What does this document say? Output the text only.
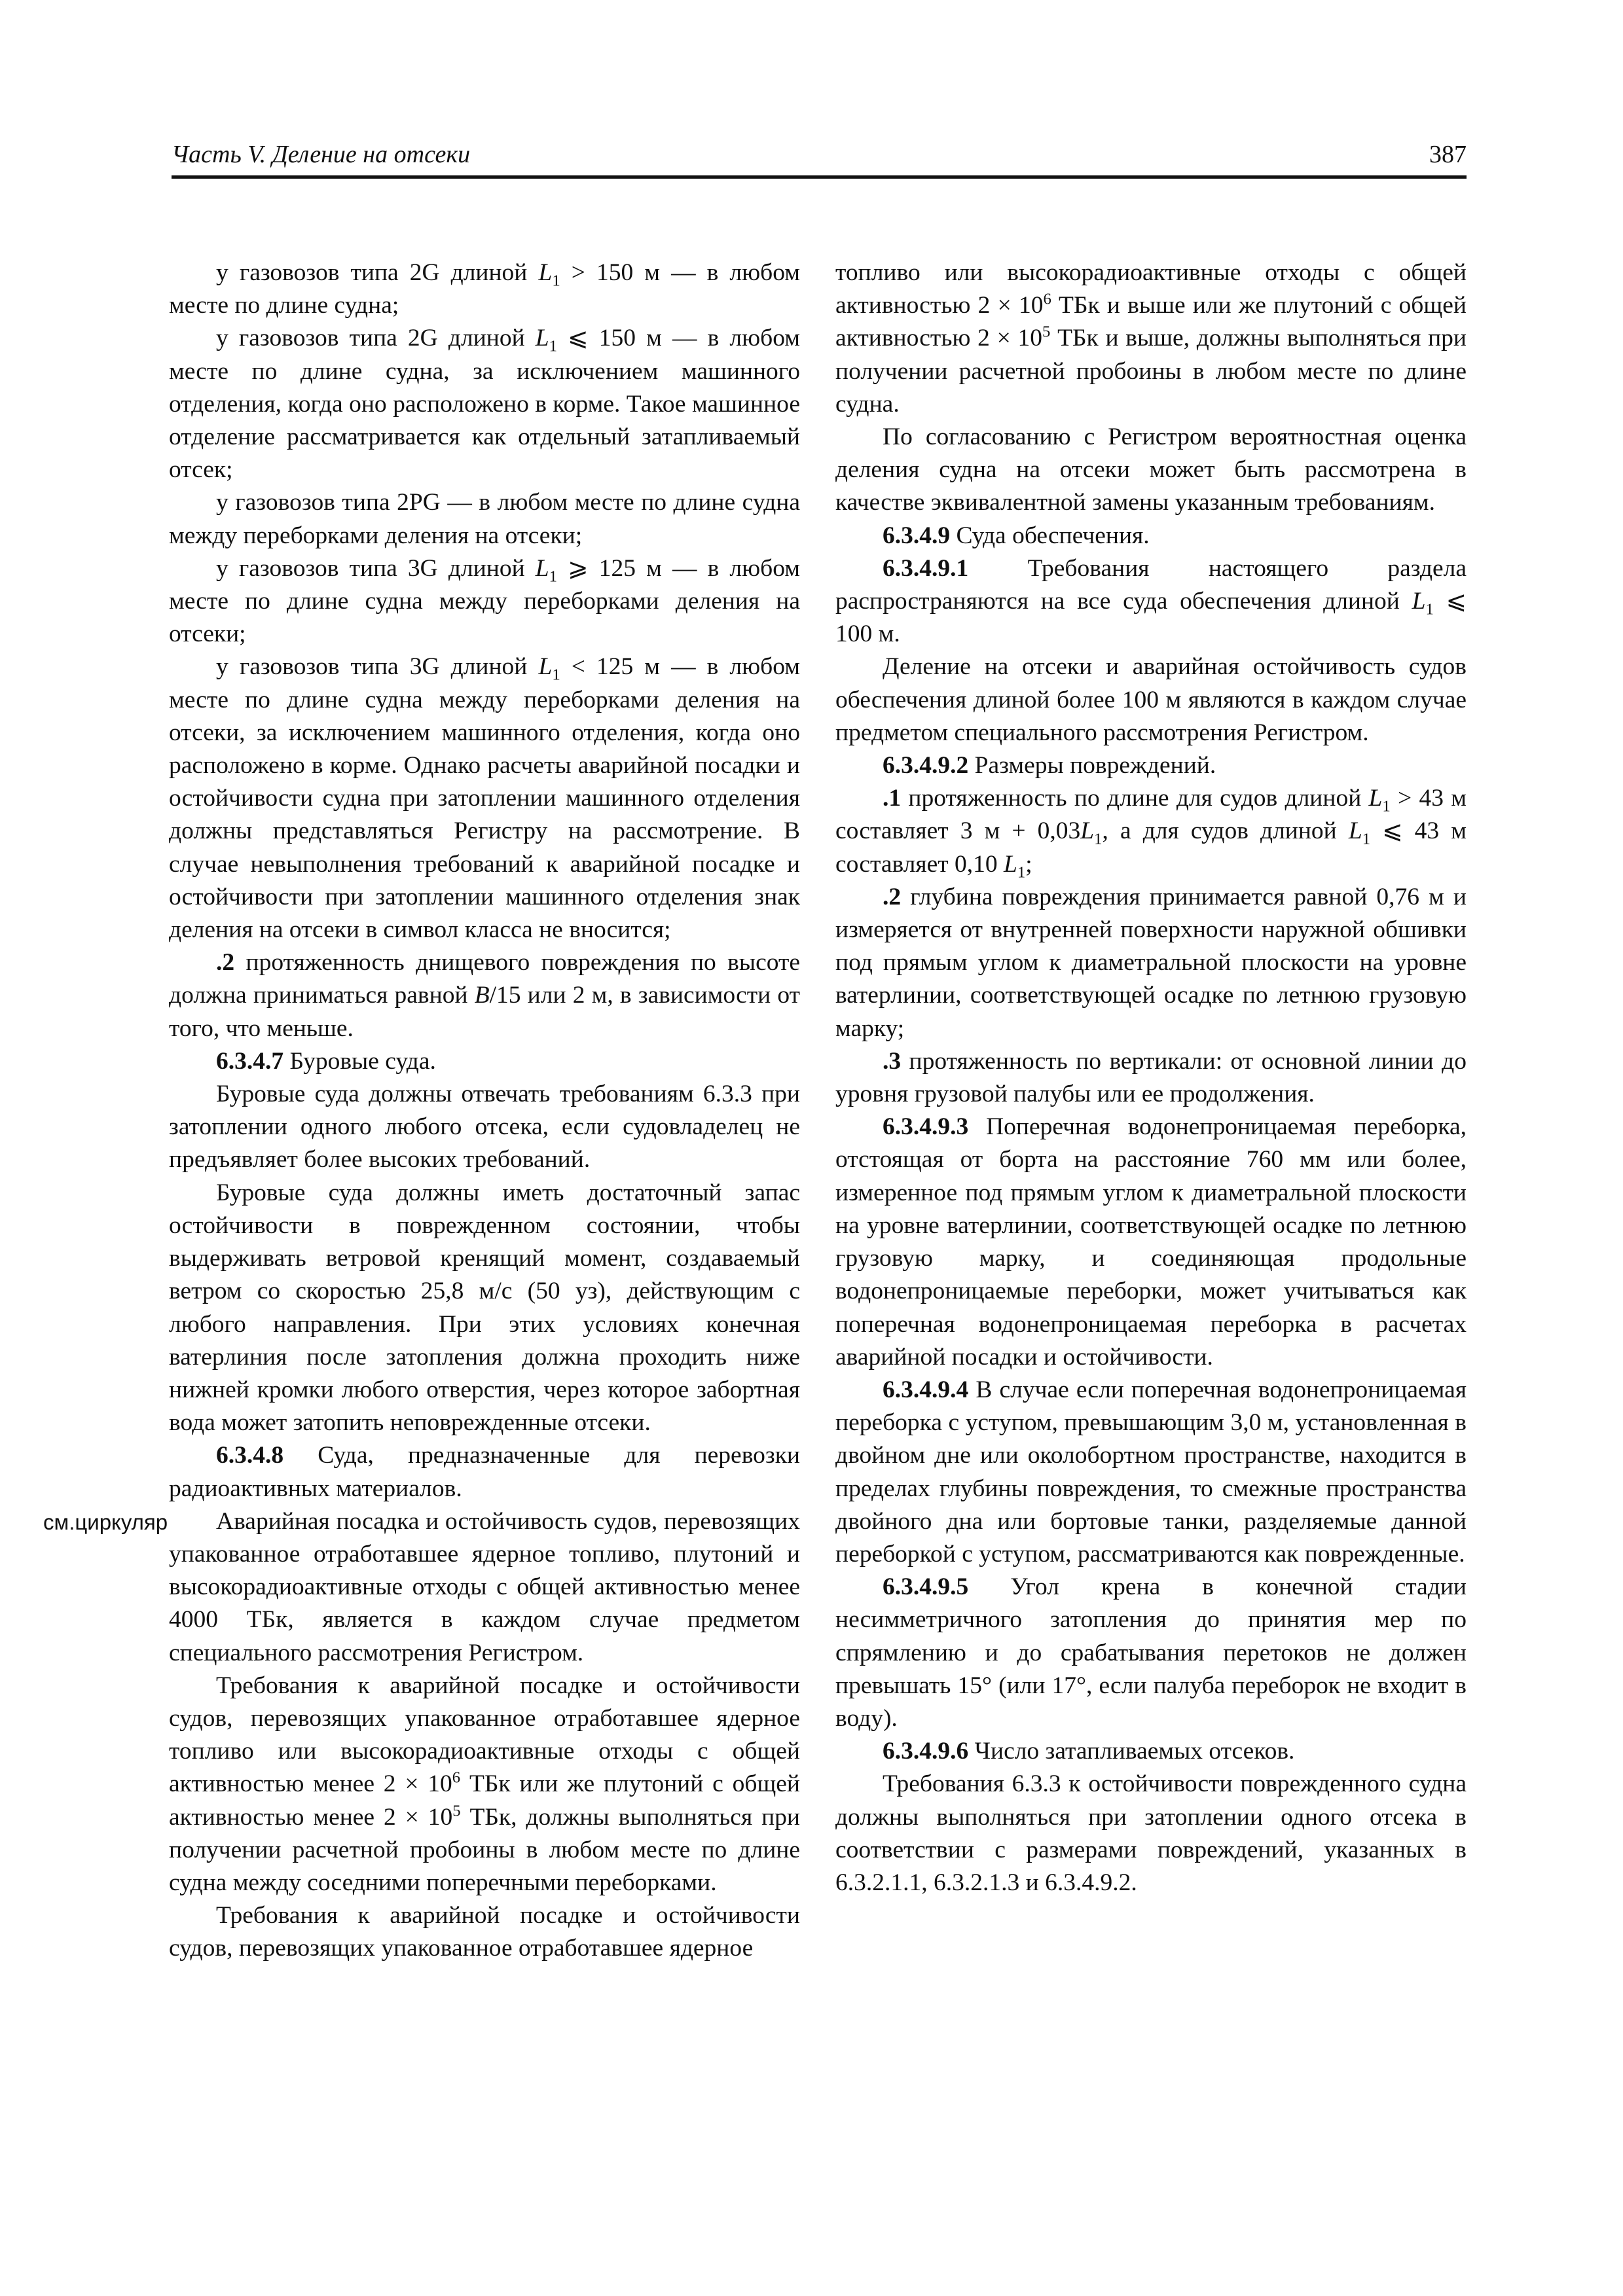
Часть V. Деление на отсеки	387
см.циркуляр

у газовозов типа 2G длиной $L_1 > 150$ м — в любом месте по длине судна;

у газовозов типа 2G длиной $L_1$ ⩽ 150 м — в любом месте по длине судна, за исключением машинного отделения, когда оно расположено в корме. Такое машинное отделение рассматривается как отдельный затапливаемый отсек;

у газовозов типа 2PG — в любом месте по длине судна между переборками деления на отсеки;

у газовозов типа 3G длиной $L_1$ ⩾ 125 м — в любом месте по длине судна между переборками деления на отсеки;

у газовозов типа 3G длиной $L_1 < 125$ м — в любом месте по длине судна между переборками деления на отсеки, за исключением машинного отделения, когда оно расположено в корме. Однако расчеты аварийной посадки и остойчивости судна при затоплении машинного отделения должны представляться Регистру на рассмотрение. В случае невыполнения требований к аварийной посадке и остойчивости при затоплении машинного отделения знак деления на отсеки в символ класса не вносится;

.2 протяженность днищевого повреждения по высоте должна приниматься равной B/15 или 2 м, в зависимости от того, что меньше.

6.3.4.7 Буровые суда.

Буровые суда должны отвечать требованиям 6.3.3 при затоплении одного любого отсека, если судовладелец не предъявляет более высоких требований.

Буровые суда должны иметь достаточный запас остойчивости в поврежденном состоянии, чтобы выдерживать ветровой кренящий момент, создаваемый ветром со скоростью 25,8 м/с (50 уз), действующим с любого направления. При этих условиях конечная ватерлиния после затопления должна проходить ниже нижней кромки любого отверстия, через которое забортная вода может затопить неповрежденные отсеки.

6.3.4.8 Суда, предназначенные для перевозки радиоактивных материалов.

Аварийная посадка и остойчивость судов, перевозящих упакованное отработавшее ядерное топливо, плутоний и высокорадиоактивные отходы с общей активностью менее 4000 ТБк, является в каждом случае предметом специального рассмотрения Регистром.

Требования к аварийной посадке и остойчивости судов, перевозящих упакованное отработавшее ядерное топливо или высокорадиоактивные отходы с общей активностью менее $2 \times 10^6$ ТБк или же плутоний с общей активностью менее $2 \times 10^5$ ТБк, должны выполняться при получении расчетной пробоины в любом месте по длине судна между соседними поперечными переборками.

Требования к аварийной посадке и остойчивости судов, перевозящих упакованное отработавшее ядерное

топливо или высокорадиоактивные отходы с общей активностью $2 \times 10^6$ ТБк и выше или же плутоний с общей активностью $2 \times 10^5$ ТБк и выше, должны выполняться при получении расчетной пробоины в любом месте по длине судна.

По согласованию с Регистром вероятностная оценка деления судна на отсеки может быть рассмотрена в качестве эквивалентной замены указанным требованиям.

6.3.4.9 Суда обеспечения.

6.3.4.9.1 Требования настоящего раздела распространяются на все суда обеспечения длиной $L_1$ ⩽ 100 м.

Деление на отсеки и аварийная остойчивость судов обеспечения длиной более 100 м являются в каждом случае предметом специального рассмотрения Регистром.

6.3.4.9.2 Размеры повреждений.

.1 протяженность по длине для судов длиной $L_1 > 43$ м составляет 3 $м + 0,03L_1$, а для судов длиной $L_1$ ⩽ 43 м составляет 0,10 $L_1$;

.2 глубина повреждения принимается равной 0,76 м и измеряется от внутренней поверхности наружной обшивки под прямым углом к диаметральной плоскости на уровне ватерлинии, соответствующей осадке по летнюю грузовую марку;

.3 протяженность по вертикали: от основной линии до уровня грузовой палубы или ее продолжения.

6.3.4.9.3 Поперечная водонепроницаемая переборка, отстоящая от борта на расстояние 760 мм или более, измеренное под прямым углом к диаметральной плоскости на уровне ватерлинии, соответствующей осадке по летнюю грузовую марку, и соединяющая продольные водонепроницаемые переборки, может учитываться как поперечная водонепроницаемая переборка в расчетах аварийной посадки и остойчивости.

6.3.4.9.4 В случае если поперечная водонепроницаемая переборка с уступом, превышающим 3,0 м, установленная в двойном дне или околобортном пространстве, находится в пределах глубины повреждения, то смежные пространства двойного дна или бортовые танки, разделяемые данной переборкой с уступом, рассматриваются как поврежденные.

6.3.4.9.5 Угол крена в конечной стадии несимметричного затопления до принятия мер по спрямлению и до срабатывания перетоков не должен превышать 15° (или 17°, если палуба переборок не входит в воду).

6.3.4.9.6 Число затапливаемых отсеков.

Требования 6.3.3 к остойчивости поврежденного судна должны выполняться при затоплении одного отсека в соответствии с размерами повреждений, указанных в 6.3.2.1.1, 6.3.2.1.3 и 6.3.4.9.2.
